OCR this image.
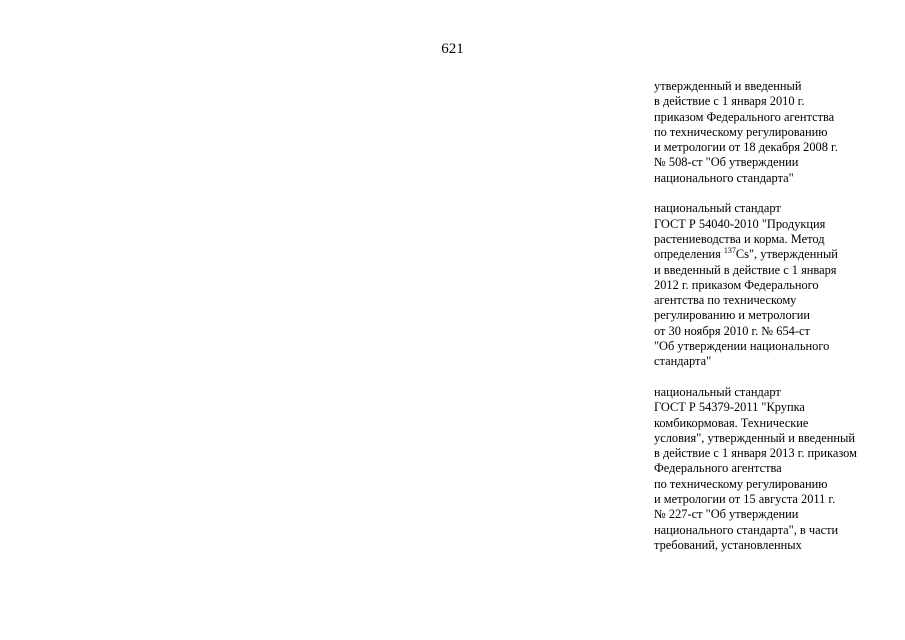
621

утвержденный и введенный
в действие с 1 января 2010 г.
приказом Федерального агентства
по техническому регулированию
и метрологии от 18 декабря 2008 г.
№ 508-ст "Об утверждении
национального стандарта"

национальный стандарт
ГОСТ Р 54040-2010 "Продукция
растениеводства и корма. Метод
определения $^{137}$Cs", утвержденный
и введенный в действие с 1 января
2012 г. приказом Федерального
агентства по техническому
регулированию и метрологии
от 30 ноября 2010 г. № 654-ст
"Об утверждении национального
стандарта"

национальный стандарт
ГОСТ Р 54379-2011 "Крупка
комбикормовая. Технические
условия", утвержденный и введенный
в действие с 1 января 2013 г. приказом
Федерального агентства
по техническому регулированию
и метрологии от 15 августа 2011 г.
№ 227-ст "Об утверждении
национального стандарта", в части
требований, установленных
